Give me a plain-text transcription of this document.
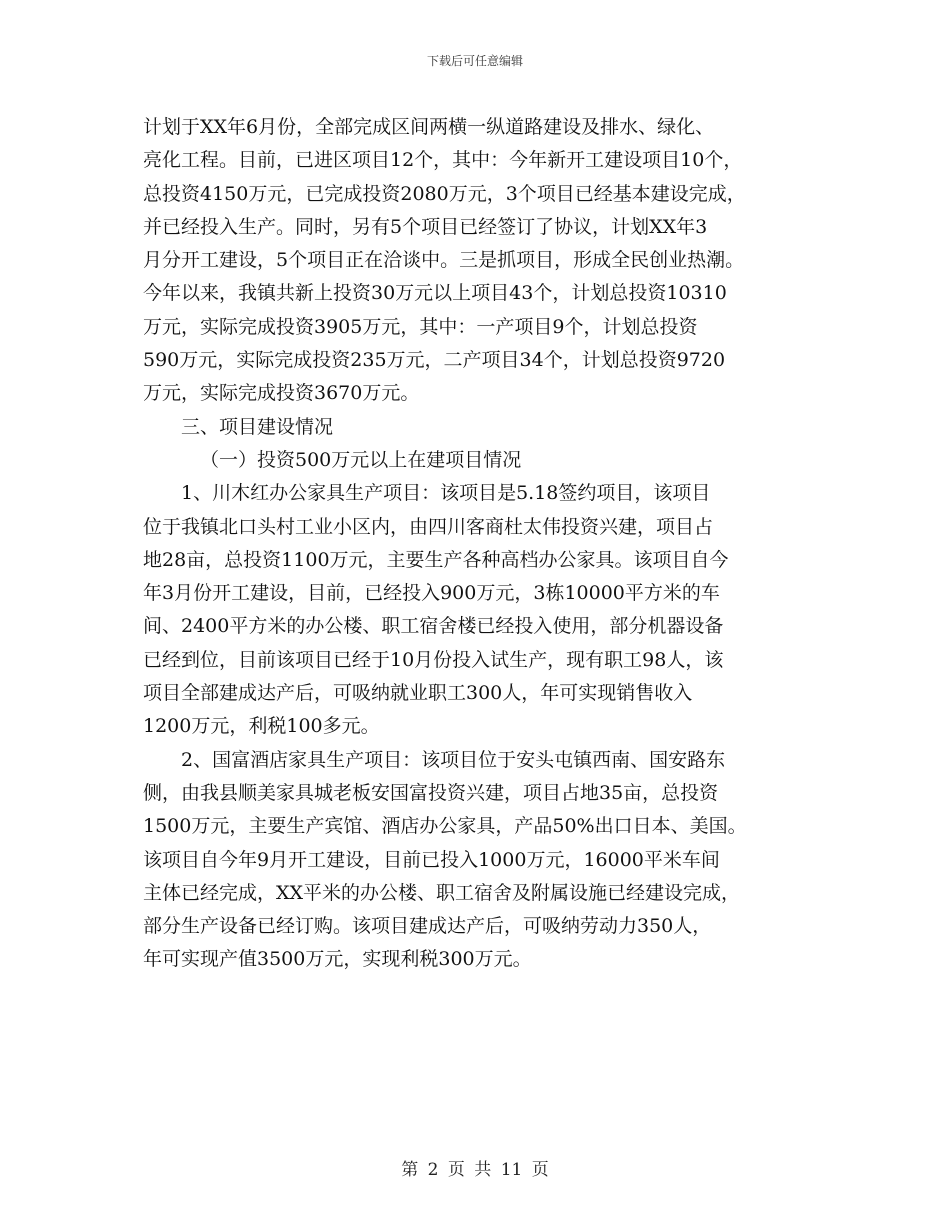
下载后可任意编辑
计划于XX年6月份，全部完成区间两横一纵道路建设及排水、绿化、
亮化工程。目前，已进区项目12个，其中：今年新开工建设项目10个，
总投资4150万元，已完成投资2080万元，3个项目已经基本建设完成，
并已经投入生产。同时，另有5个项目已经签订了协议，计划XX年3
月分开工建设，5个项目正在洽谈中。三是抓项目，形成全民创业热潮。
今年以来，我镇共新上投资30万元以上项目43个，计划总投资10310
万元，实际完成投资3905万元，其中：一产项目9个，计划总投资
590万元，实际完成投资235万元，二产项目34个，计划总投资9720
万元，实际完成投资3670万元。
三、项目建设情况
（一）投资500万元以上在建项目情况
1、川木红办公家具生产项目：该项目是5.18签约项目，该项目
位于我镇北口头村工业小区内，由四川客商杜太伟投资兴建，项目占
地28亩，总投资1100万元，主要生产各种高档办公家具。该项目自今
年3月份开工建设，目前，已经投入900万元，3栋10000平方米的车
间、2400平方米的办公楼、职工宿舍楼已经投入使用，部分机器设备
已经到位，目前该项目已经于10月份投入试生产，现有职工98人，该
项目全部建成达产后，可吸纳就业职工300人，年可实现销售收入
1200万元，利税100多元。
2、国富酒店家具生产项目：该项目位于安头屯镇西南、国安路东
侧，由我县顺美家具城老板安国富投资兴建，项目占地35亩，总投资
1500万元，主要生产宾馆、酒店办公家具，产品50%出口日本、美国。
该项目自今年9月开工建设，目前已投入1000万元，16000平米车间
主体已经完成，XX平米的办公楼、职工宿舍及附属设施已经建设完成，
部分生产设备已经订购。该项目建成达产后，可吸纳劳动力350人，
年可实现产值3500万元，实现利税300万元。
第 2 页 共 11 页
